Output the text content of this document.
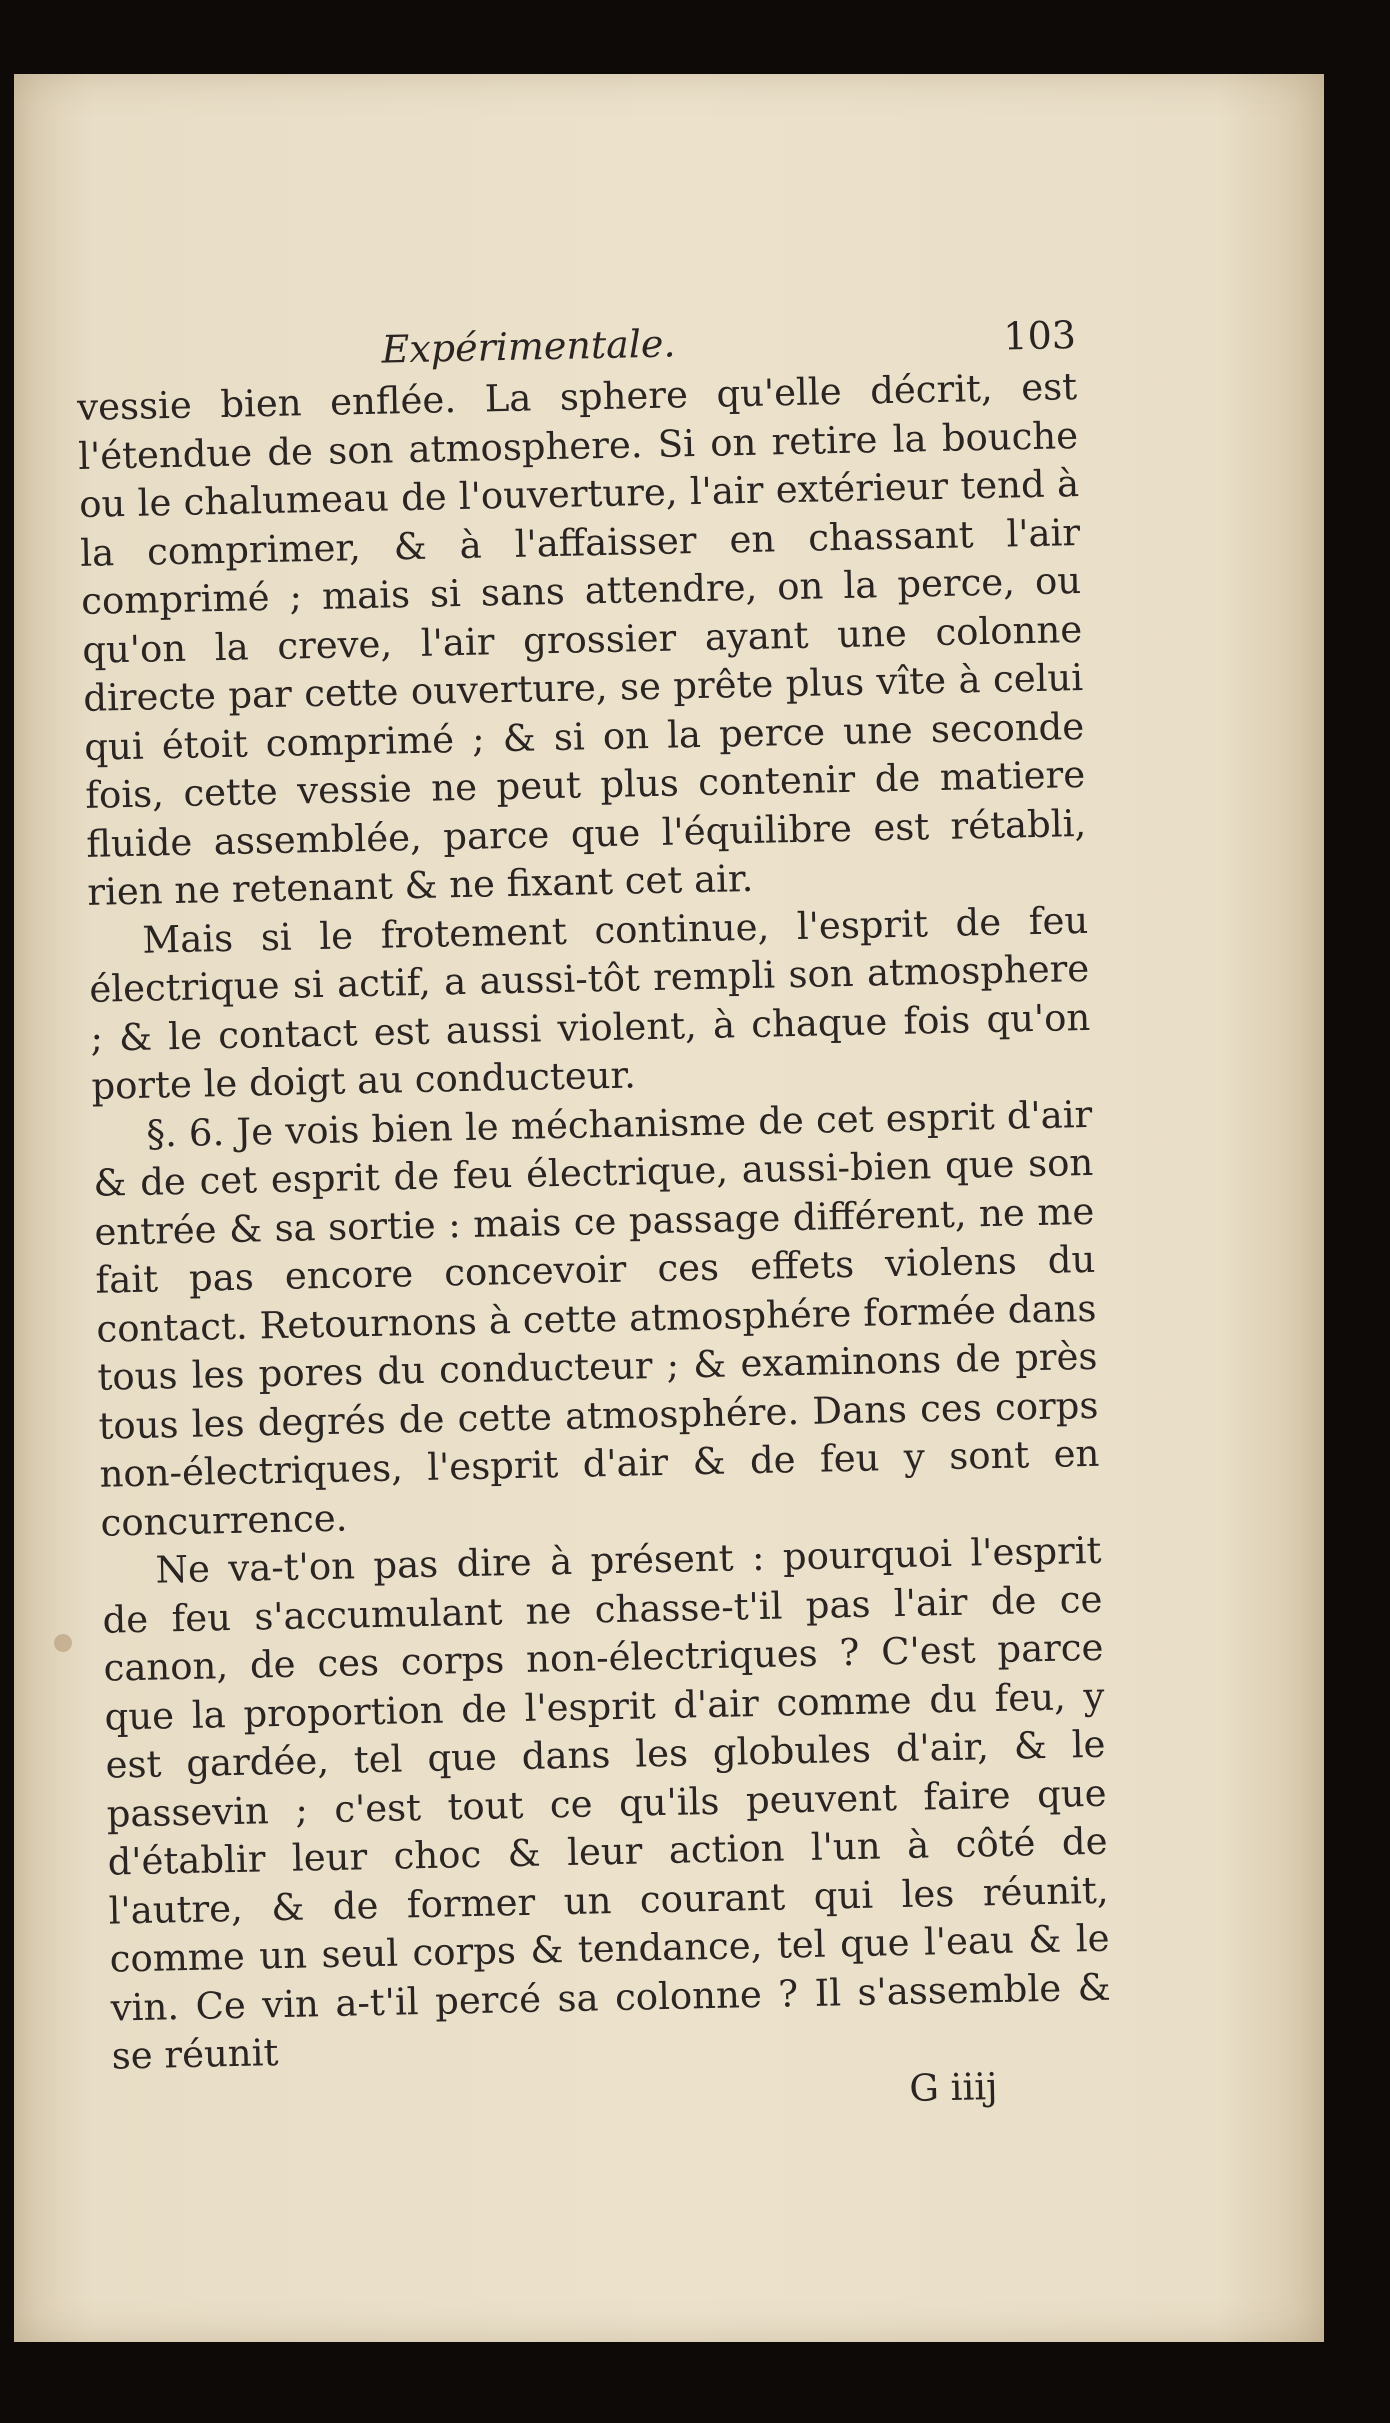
Expérimentale.	103

vessie bien enflée. La sphere qu'elle décrit, est l'étendue de son atmosphere. Si on retire la bouche ou le chalumeau de l'ouverture, l'air extérieur tend à la comprimer, & à l'affaisser en chassant l'air comprimé ; mais si sans attendre, on la perce, ou qu'on la creve, l'air grossier ayant une colonne directe par cette ouverture, se prête plus vîte à celui qui étoit comprimé ; & si on la perce une seconde fois, cette vessie ne peut plus contenir de matiere fluide assemblée, parce que l'équilibre est rétabli, rien ne retenant & ne fixant cet air.

Mais si le frotement continue, l'esprit de feu électrique si actif, a aussi-tôt rempli son atmosphere ; & le contact est aussi violent, à chaque fois qu'on porte le doigt au conducteur.

§. 6. Je vois bien le méchanisme de cet esprit d'air & de cet esprit de feu électrique, aussi-bien que son entrée & sa sortie : mais ce passage différent, ne me fait pas encore concevoir ces effets violens du contact. Retournons à cette atmosphére formée dans tous les pores du conducteur ; & examinons de près tous les degrés de cette atmosphére. Dans ces corps non-électriques, l'esprit d'air & de feu y sont en concurrence.

Ne va-t'on pas dire à présent : pourquoi l'esprit de feu s'accumulant ne chasse-t'il pas l'air de ce canon, de ces corps non-électriques ? C'est parce que la proportion de l'esprit d'air comme du feu, y est gardée, tel que dans les globules d'air, & le passevin ; c'est tout ce qu'ils peuvent faire que d'établir leur choc & leur action l'un à côté de l'autre, & de former un courant qui les réunit, comme un seul corps & tendance, tel que l'eau & le vin. Ce vin a-t'il percé sa colonne ? Il s'assemble & se réunit

G iiij
